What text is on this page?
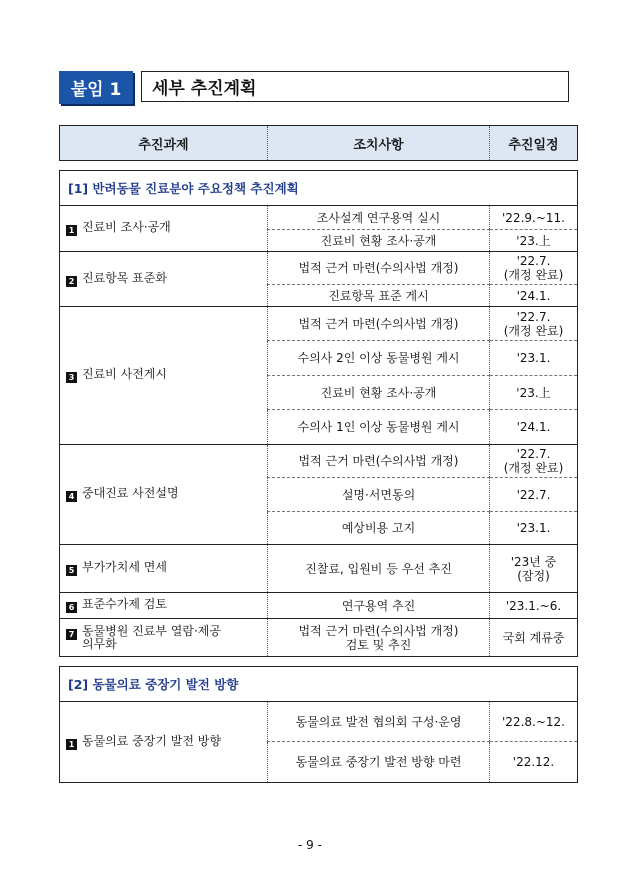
붙임 1	세부 추진계획
추진과제	조치사항	추진일정

[1] 반려동물 진료분야 주요정책 추진계획		
1 진료비 조사·공개	조사설계 연구용역 실시	'22.9.~11.
	진료비 현황 조사·공개	'23.上
2 진료항목 표준화	법적 근거 마련(수의사법 개정)	'22.7.
(개정 완료)
	진료항목 표준 게시	'24.1.
3 진료비 사전게시	법적 근거 마련(수의사법 개정)	'22.7.
(개정 완료)
	수의사 2인 이상 동물병원 게시	'23.1.
	진료비 현황 조사·공개	'23.上
	수의사 1인 이상 동물병원 게시	'24.1.
4 중대진료 사전설명	법적 근거 마련(수의사법 개정)	'22.7.
(개정 완료)
	설명·서면동의	'22.7.
	예상비용 고지	'23.1.
5 부가가치세 면세	진찰료, 입원비 등 우선 추진	'23년 중
(잠정)
6 표준수가제 검토	연구용역 추진	'23.1.~6.
7 동물병원 진료부 열람·제공
의무화	법적 근거 마련(수의사법 개정)
검토 및 추진	국회 계류중

[2] 동물의료 중장기 발전 방향		
1 동물의료 중장기 발전 방향	동물의료 발전 협의회 구성·운영	'22.8.~12.
	동물의료 중장기 발전 방향 마련	'22.12.
- 9 -
